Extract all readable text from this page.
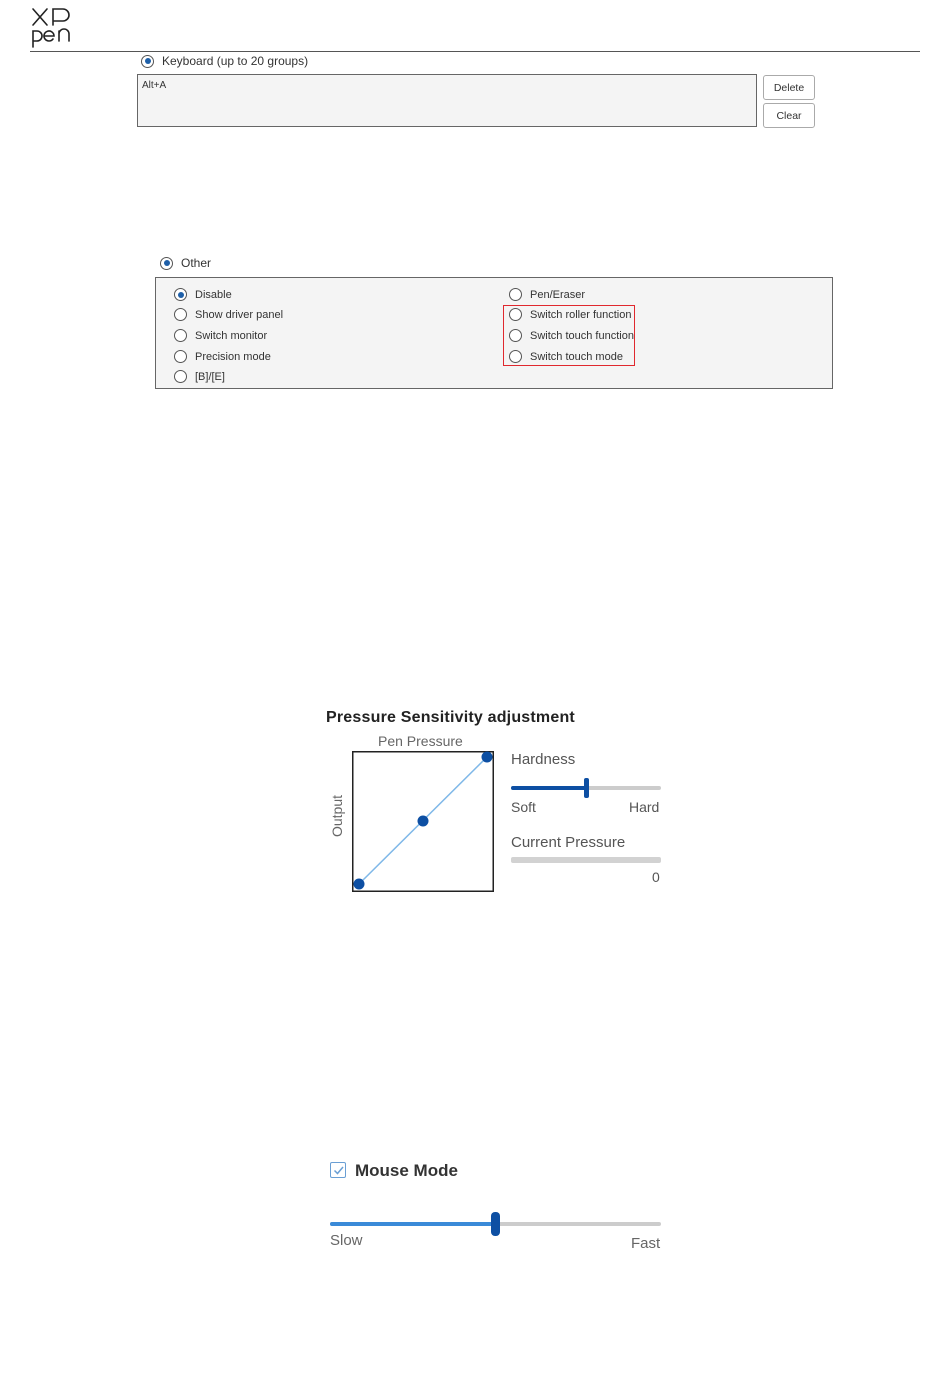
Keyboard (up to 20 groups)
Alt+A	Delete
Clear
Other
Disable
Show driver panel
Switch monitor
Precision mode
[B]/[E]
Pen/Eraser
Switch roller function
Switch touch function
Switch touch mode
Pressure Sensitivity adjustment
Pen Pressure
Output
Hardness
Soft	Hard
Current Pressure
0
Mouse Mode
Slow	Fast
